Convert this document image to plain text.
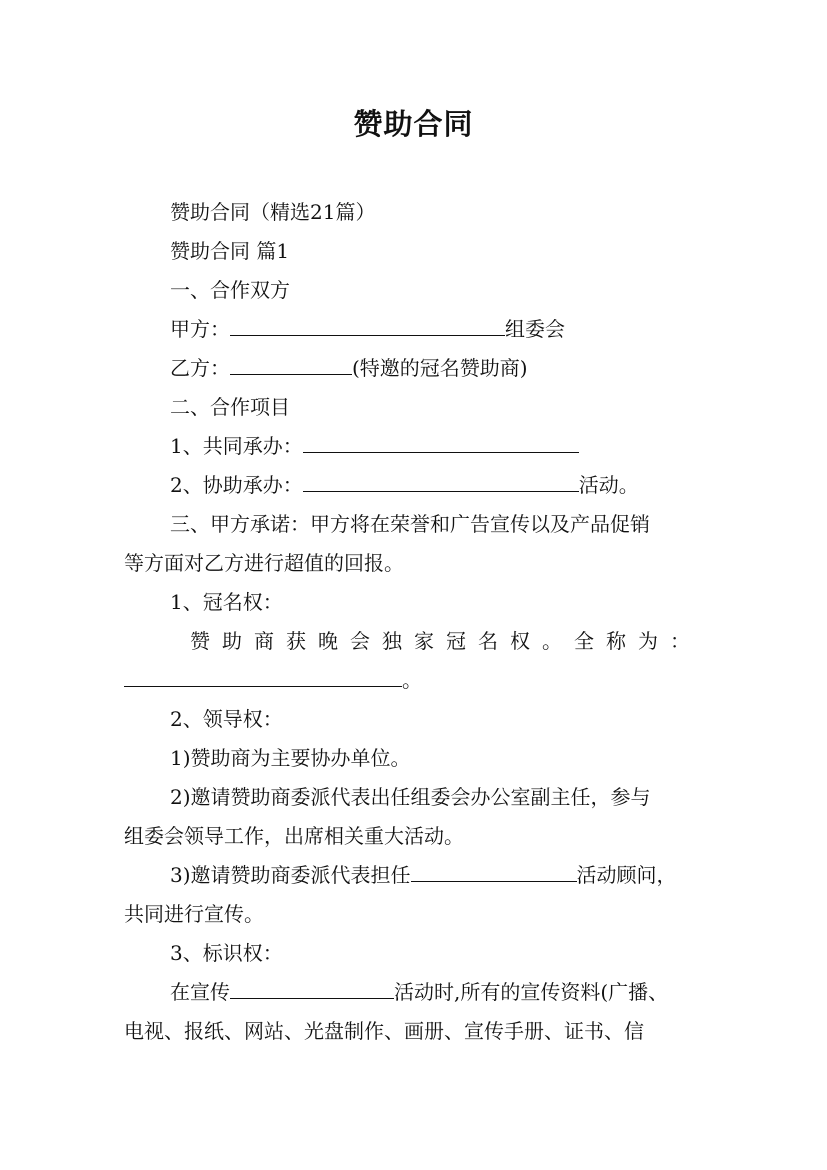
赞助合同
赞助合同（精选21篇）
赞助合同 篇1
一、合作双方
甲方：	组委会
乙方：	(特邀的冠名赞助商)
二、合作项目
1、共同承办：
2、协助承办：	活动。
三、甲方承诺：甲方将在荣誉和广告宣传以及产品促销
等方面对乙方进行超值的回报。
1、冠名权：
赞 助 商 获 晚 会 独 家 冠 名 权 。 全 称 为 ：
。
2、领导权：
1)赞助商为主要协办单位。
2)邀请赞助商委派代表出任组委会办公室副主任，参与
组委会领导工作，出席相关重大活动。
3)邀请赞助商委派代表担任	活动顾问，
共同进行宣传。
3、标识权：
在宣传	活动时,所有的宣传资料(广播、
电视、报纸、网站、光盘制作、画册、宣传手册、证书、信
